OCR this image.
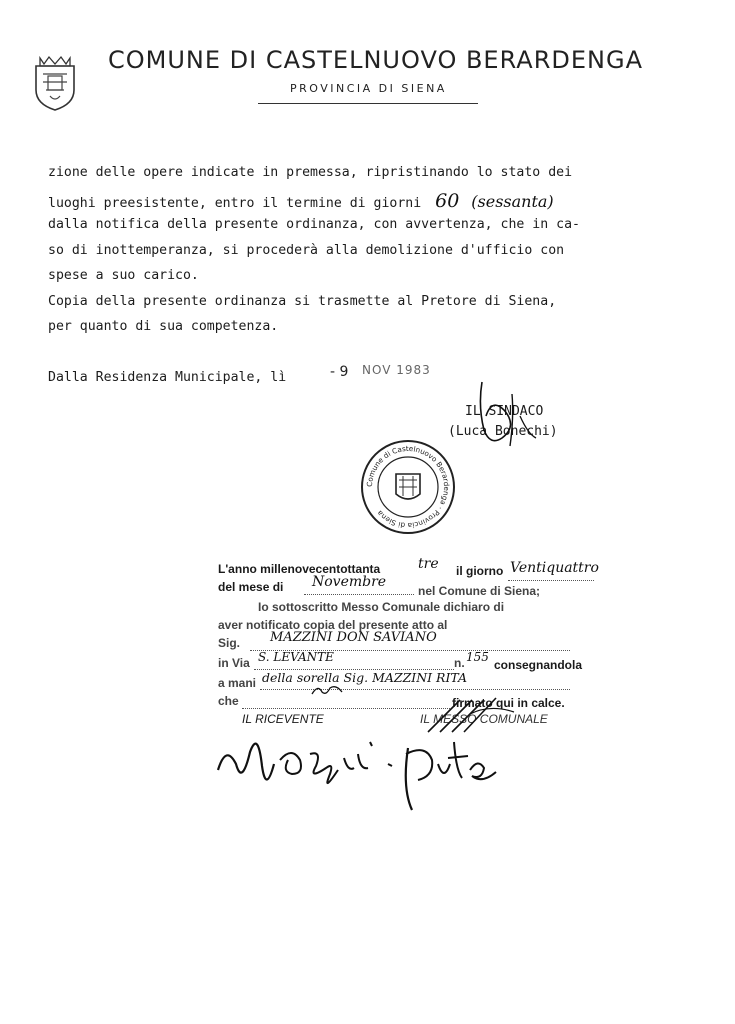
COMUNE DI CASTELNUOVO BERARDENGA
PROVINCIA DI SIENA
zione delle opere indicate in premessa, ripristinando lo stato dei
luoghi preesistente, entro il termine di giorni 60 (sessanta)
dalla notifica della presente ordinanza, con avvertenza, che in ca-
so di inottemperanza, si procederà alla demolizione d'ufficio con
spese a suo carico.
Copia della presente ordinanza si trasmette al Pretore di Siena,
per quanto di sua competenza.
Dalla Residenza Municipale, lì	- 9 NOV 1983
IL SINDACO
(Luca Bonechi)
Comune di Castelnuovo Berardenga · Provincia di Siena
L'anno millenovecentottanta	tre il giorno Ventiquattro
del mese di Novembre
nel Comune di Siena;
Io sottoscritto Messo Comunale dichiaro di
aver notificato copia del presente atto al
Sig. MAZZINI DON SAVIANO
in Via S. LEVANTE	n. 155
consegnandola
a mani della sorella Sig. MAZZINI RITA
che	firmato qui in calce.
IL RICEVENTE	IL MESSO COMUNALE
